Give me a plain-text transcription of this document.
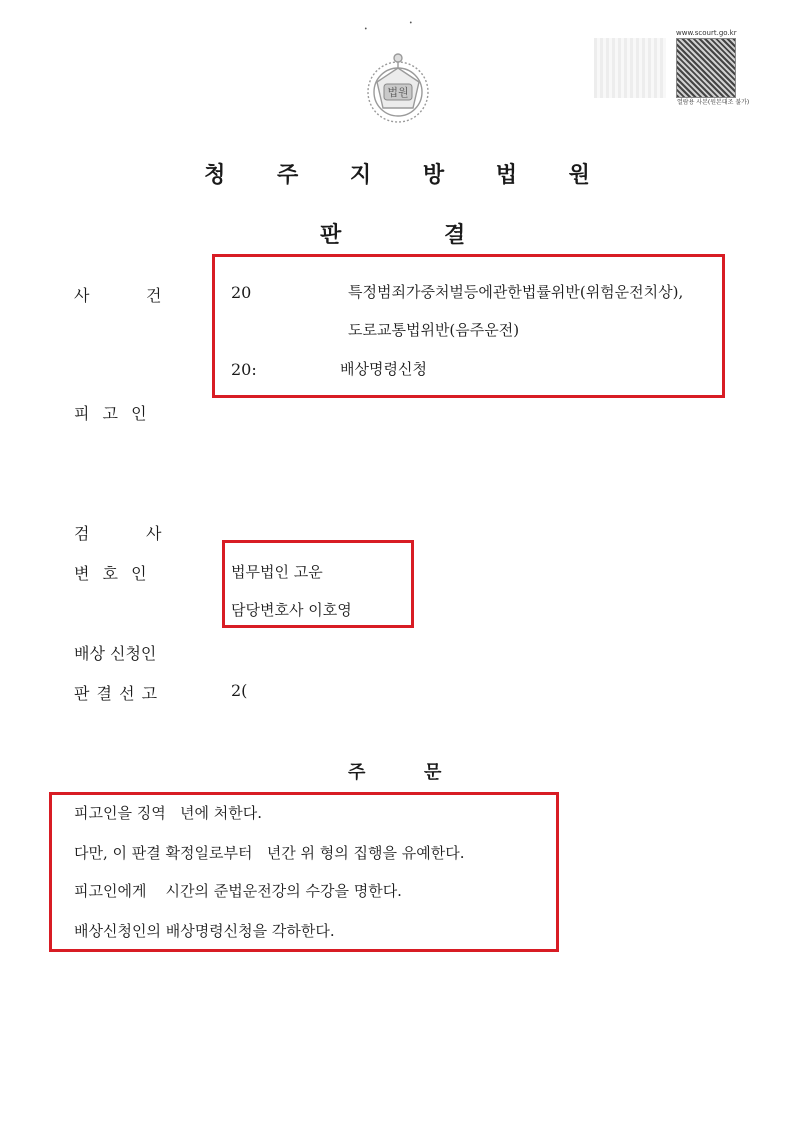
•
•
법원
www.scourt.go.kr
열람용 사본(원본대조 불가)
청 주 지 방 법 원
판	결
사	건	20	특정범죄가중처벌등에관한법률위반(위험운전치상),
도로교통법위반(음주운전)
20:	배상명령신청
피 고 인
검	사
변 호 인	법무법인 고운
담당변호사 이호영
배상 신청인
판 결 선 고	2(
주	문
피고인을 징역   년에 처한다.
다만, 이 판결 확정일로부터   년간 위 형의 집행을 유예한다.
피고인에게    시간의 준법운전강의 수강을 명한다.
배상신청인의 배상명령신청을 각하한다.
